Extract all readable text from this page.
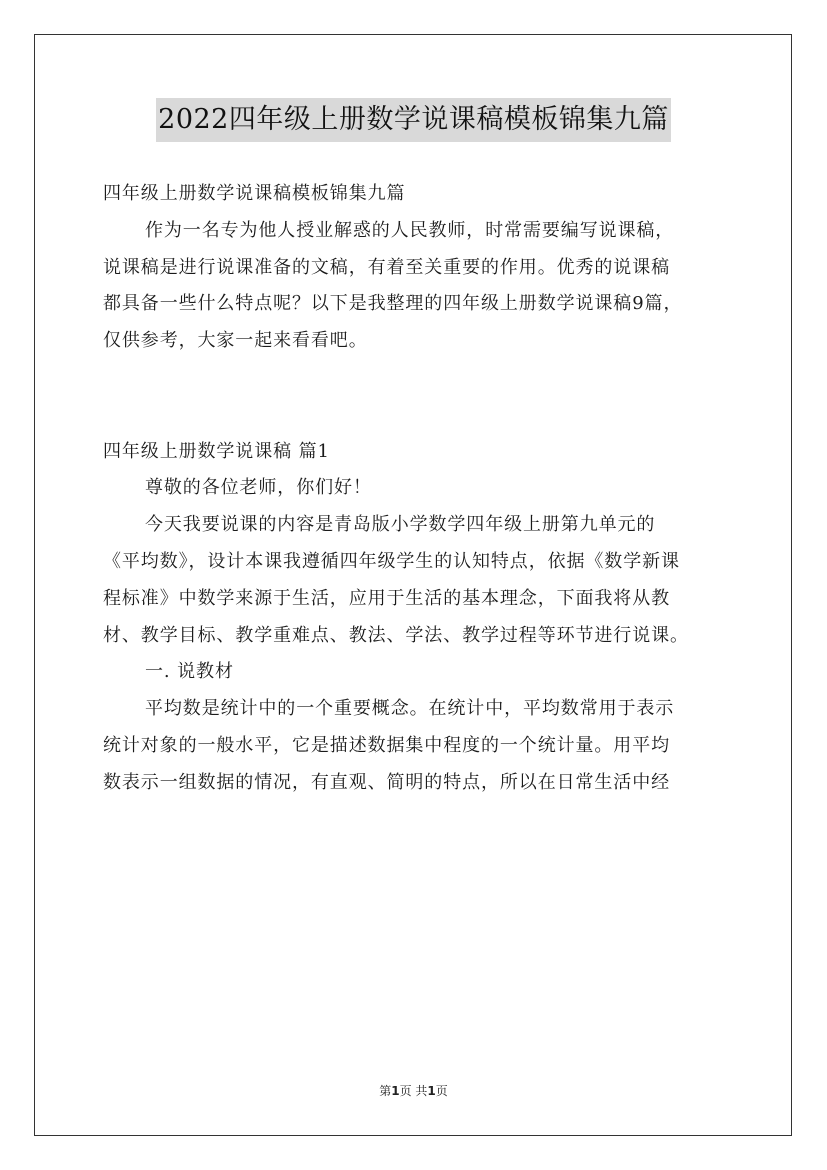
2022四年级上册数学说课稿模板锦集九篇
四年级上册数学说课稿模板锦集九篇
作为一名专为他人授业解惑的人民教师，时常需要编写说课稿，
说课稿是进行说课准备的文稿，有着至关重要的作用。优秀的说课稿
都具备一些什么特点呢？以下是我整理的四年级上册数学说课稿9篇，
仅供参考，大家一起来看看吧。
四年级上册数学说课稿 篇1
尊敬的各位老师，你们好！
今天我要说课的内容是青岛版小学数学四年级上册第九单元的
《平均数》，设计本课我遵循四年级学生的认知特点，依据《数学新课
程标准》中数学来源于生活，应用于生活的基本理念，下面我将从教
材、教学目标、教学重难点、教法、学法、教学过程等环节进行说课。
一. 说教材
平均数是统计中的一个重要概念。在统计中，平均数常用于表示
统计对象的一般水平，它是描述数据集中程度的一个统计量。用平均
数表示一组数据的情况，有直观、简明的特点，所以在日常生活中经
第1页 共1页
